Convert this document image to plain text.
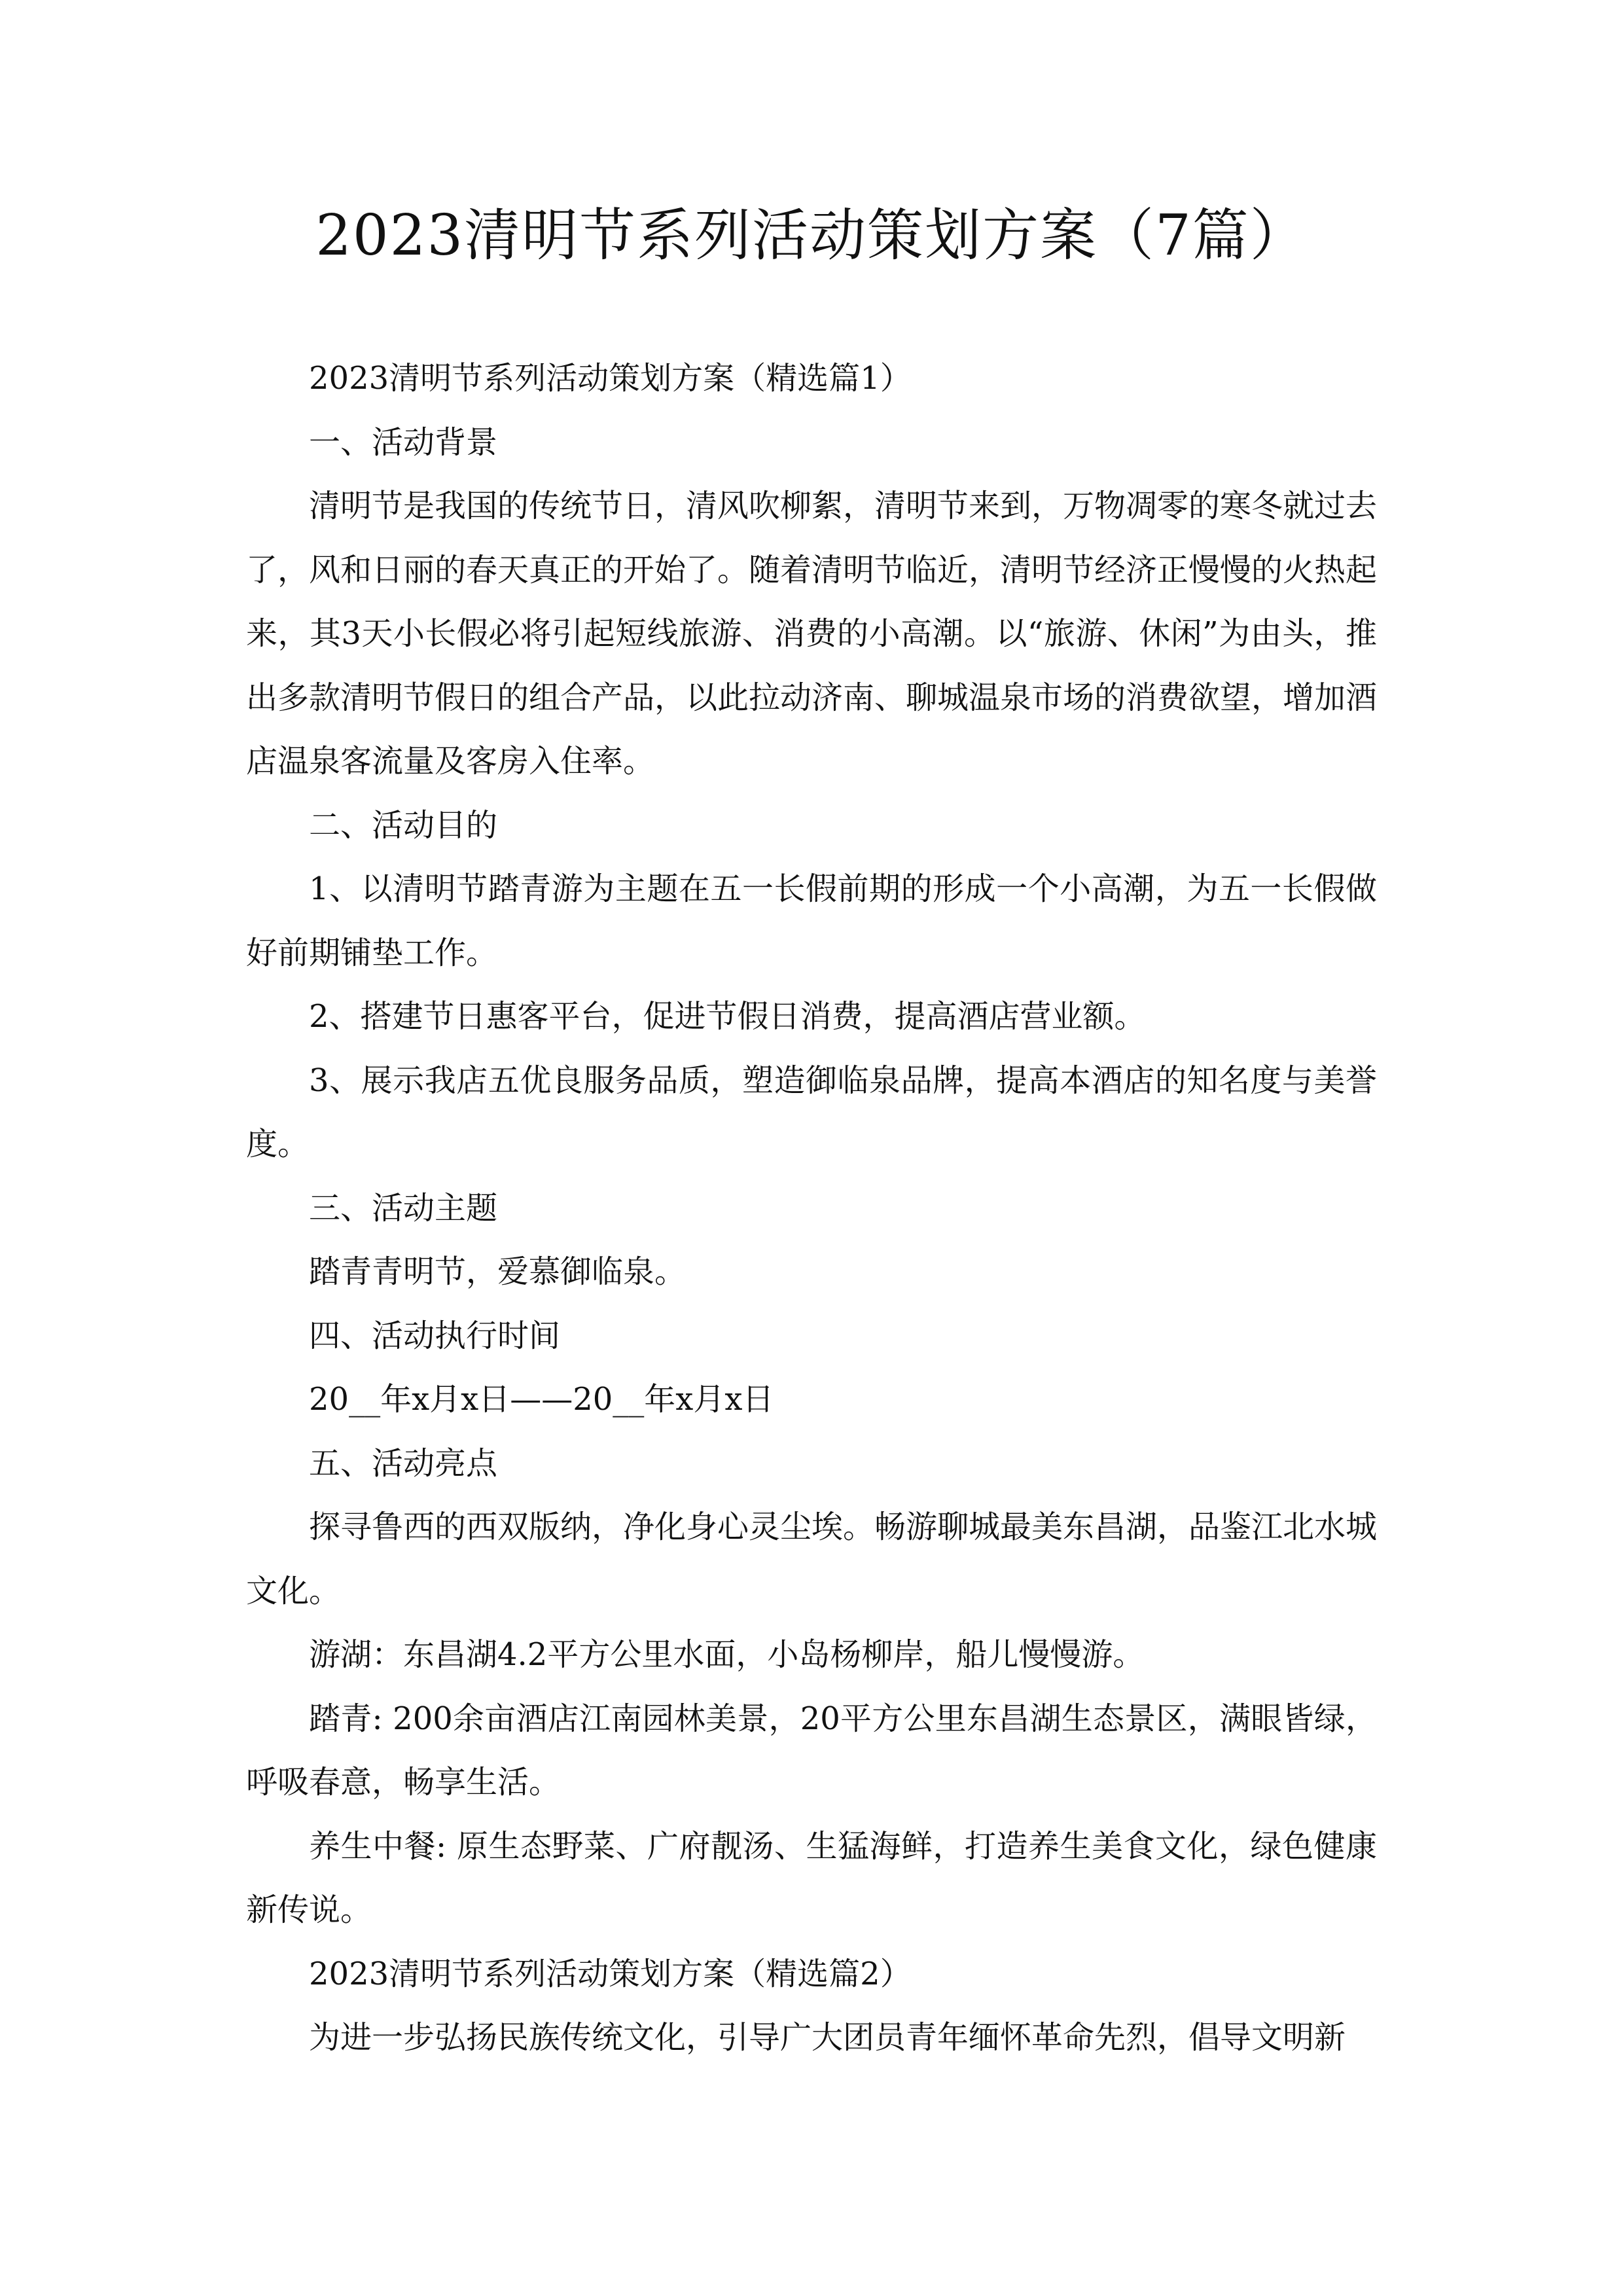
2023清明节系列活动策划方案（7篇）

2023清明节系列活动策划方案（精选篇1）

一、活动背景

清明节是我国的传统节日，清风吹柳絮，清明节来到，万物凋零的寒冬就过去了，风和日丽的春天真正的开始了。随着清明节临近，清明节经济正慢慢的火热起来，其3天小长假必将引起短线旅游、消费的小高潮。以“旅游、休闲”为由头，推出多款清明节假日的组合产品，以此拉动济南、聊城温泉市场的消费欲望，增加酒店温泉客流量及客房入住率。

二、活动目的

1、以清明节踏青游为主题在五一长假前期的形成一个小高潮，为五一长假做好前期铺垫工作。

2、搭建节日惠客平台，促进节假日消费，提高酒店营业额。

3、展示我店五优良服务品质，塑造御临泉品牌，提高本酒店的知名度与美誉度。

三、活动主题

踏青青明节，爱慕御临泉。

四、活动执行时间

20__年x月x日——20__年x月x日

五、活动亮点

探寻鲁西的西双版纳，净化身心灵尘埃。畅游聊城最美东昌湖，品鉴江北水城文化。

游湖：东昌湖4.2平方公里水面，小岛杨柳岸，船儿慢慢游。

踏青: 200余亩酒店江南园林美景，20平方公里东昌湖生态景区，满眼皆绿，呼吸春意，畅享生活。

养生中餐: 原生态野菜、广府靓汤、生猛海鲜，打造养生美食文化，绿色健康新传说。

2023清明节系列活动策划方案（精选篇2）

为进一步弘扬民族传统文化，引导广大团员青年缅怀革命先烈，倡导文明新
